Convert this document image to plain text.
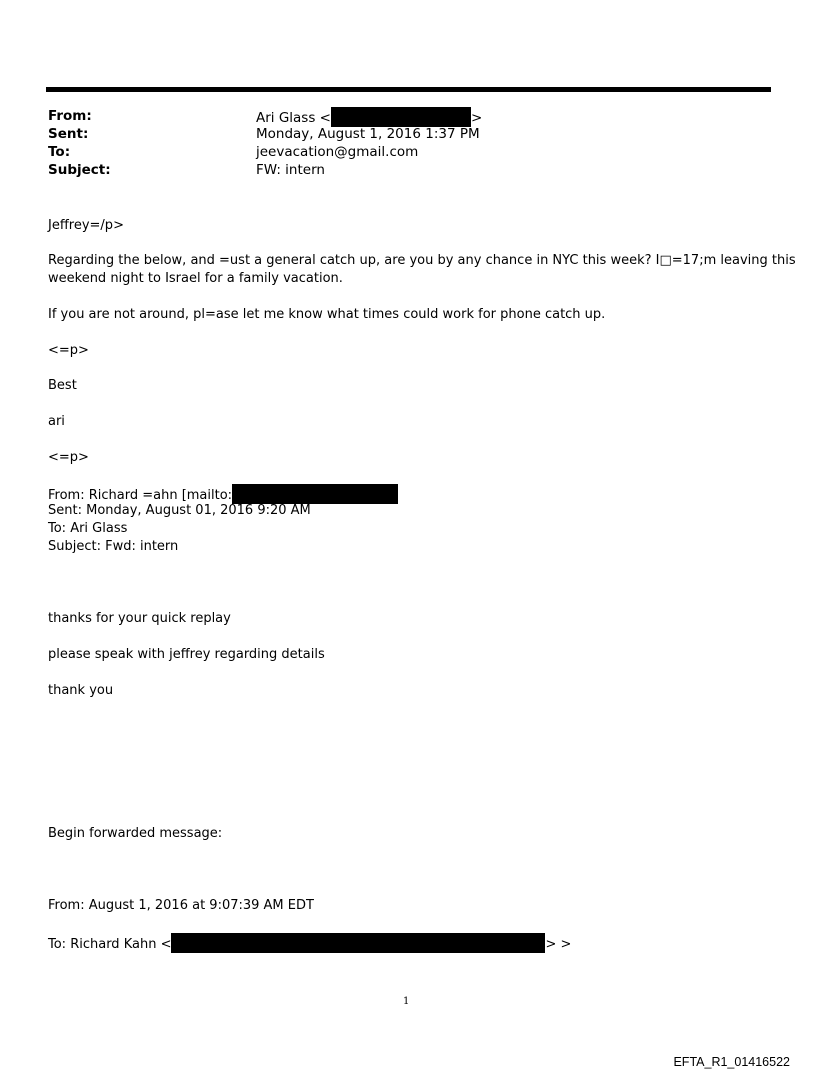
From:	Ari Glass <	>
Sent:	Monday, August 1, 2016 1:37 PM
To:	jeevacation@gmail.com
Subject:	FW: intern
Jeffrey=/p>
Regarding the below, and =ust a general catch up, are you by any chance in NYC this week? I□=17;m leaving this
weekend night to Israel for a family vacation.
If you are not around, pl=ase let me know what times could work for phone catch up.
<=p>
Best
ari
<=p>
From: Richard =ahn [mailto:
Sent: Monday, August 01, 2016 9:20 AM
To: Ari Glass
Subject: Fwd: intern
thanks for your quick replay
please speak with jeffrey regarding details
thank you
Begin forwarded message:
From: August 1, 2016 at 9:07:39 AM EDT
To: Richard Kahn <	> >
1
EFTA_R1_01416522
